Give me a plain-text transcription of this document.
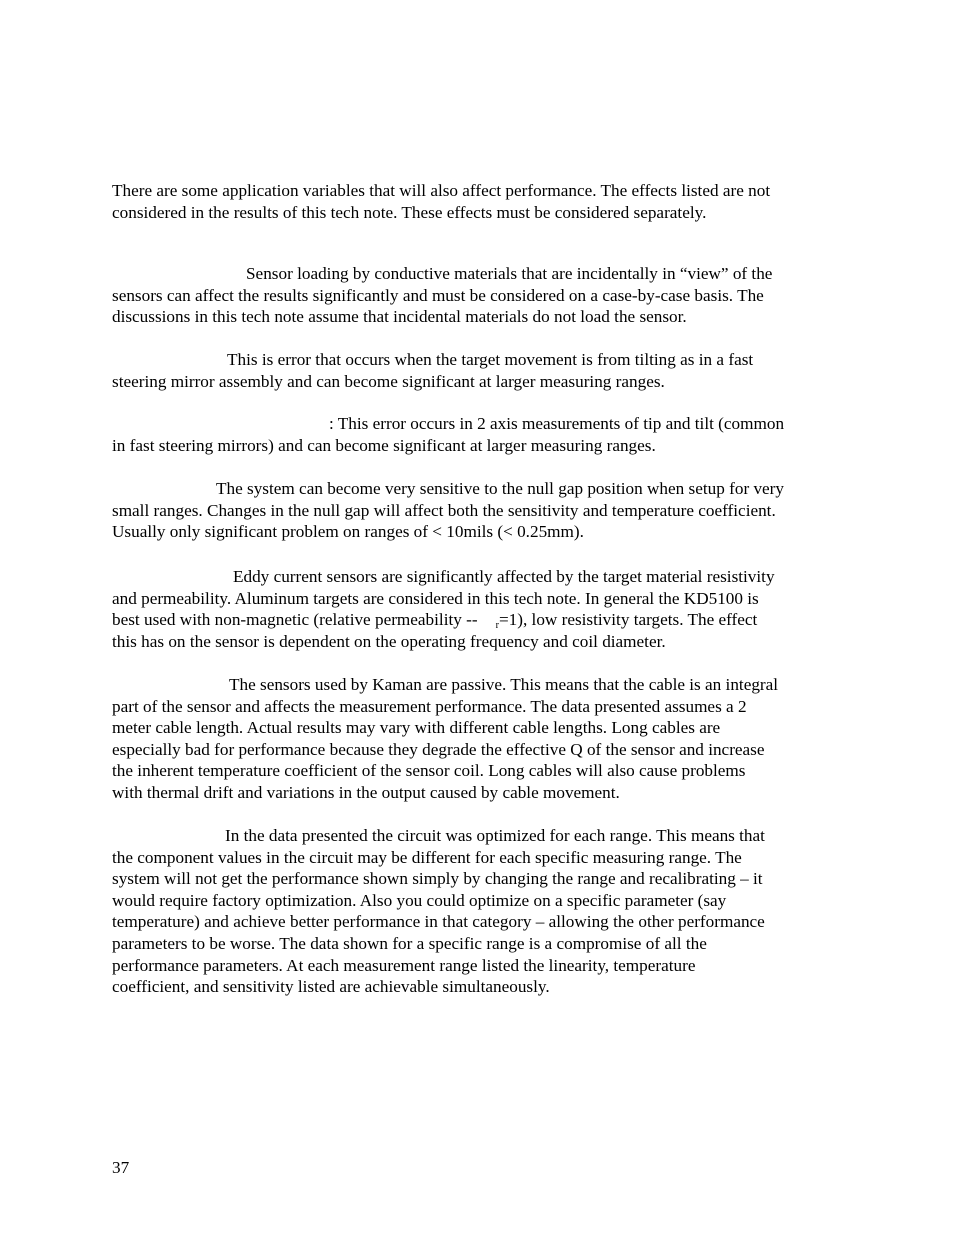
There are some application variables that will also affect performance. The effects listed are not
considered in the results of this tech note. These effects must be considered separately.

Sensor loading by conductive materials that are incidentally in “view” of the
sensors can affect the results significantly and must be considered on a case-by-case basis. The
discussions in this tech note assume that incidental materials do not load the sensor.

This is error that occurs when the target movement is from tilting as in a fast
steering mirror assembly and can become significant at larger measuring ranges.

: This error occurs in 2 axis measurements of tip and tilt (common
in fast steering mirrors) and can become significant at larger measuring ranges.

The system can become very sensitive to the null gap position when setup for very
small ranges. Changes in the null gap will affect both the sensitivity and temperature coefficient.
Usually only significant problem on ranges of < 10mils (< 0.25mm).

Eddy current sensors are significantly affected by the target material resistivity
and permeability. Aluminum targets are considered in this tech note. In general the KD5100 is
best used with non-magnetic (relative permeability -- $_r$=1), low resistivity targets. The effect
this has on the sensor is dependent on the operating frequency and coil diameter.

The sensors used by Kaman are passive. This means that the cable is an integral
part of the sensor and affects the measurement performance. The data presented assumes a 2
meter cable length. Actual results may vary with different cable lengths. Long cables are
especially bad for performance because they degrade the effective Q of the sensor and increase
the inherent temperature coefficient of the sensor coil. Long cables will also cause problems
with thermal drift and variations in the output caused by cable movement.

In the data presented the circuit was optimized for each range. This means that
the component values in the circuit may be different for each specific measuring range. The
system will not get the performance shown simply by changing the range and recalibrating – it
would require factory optimization. Also you could optimize on a specific parameter (say
temperature) and achieve better performance in that category – allowing the other performance
parameters to be worse. The data shown for a specific range is a compromise of all the
performance parameters. At each measurement range listed the linearity, temperature
coefficient, and sensitivity listed are achievable simultaneously.

37
